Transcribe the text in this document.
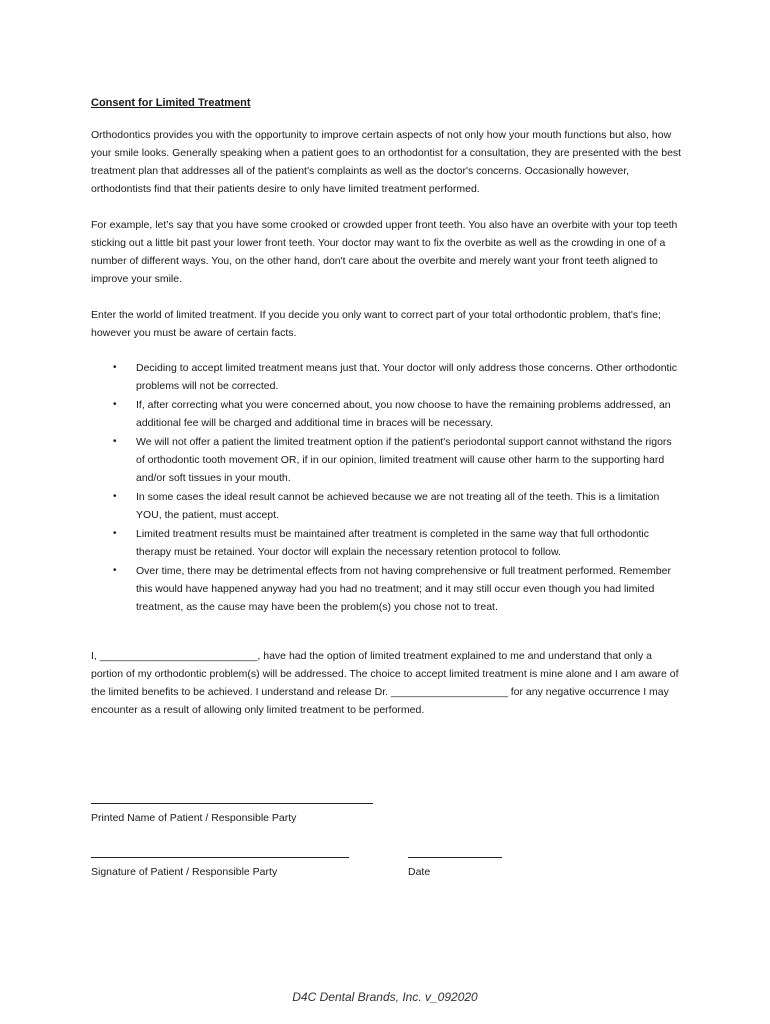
Consent for Limited Treatment

Orthodontics provides you with the opportunity to improve certain aspects of not only how your mouth functions but also, how your smile looks. Generally speaking when a patient goes to an orthodontist for a consultation, they are presented with the best treatment plan that addresses all of the patient's complaints as well as the doctor's concerns. Occasionally however, orthodontists find that their patients desire to only have limited treatment performed.

For example, let’s say that you have some crooked or crowded upper front teeth. You also have an overbite with your top teeth sticking out a little bit past your lower front teeth. Your doctor may want to fix the overbite as well as the crowding in one of a number of different ways. You, on the other hand, don't care about the overbite and merely want your front teeth aligned to improve your smile.

Enter the world of limited treatment. If you decide you only want to correct part of your total orthodontic problem, that's fine; however you must be aware of certain facts.

• Deciding to accept limited treatment means just that. Your doctor will only address those concerns. Other orthodontic problems will not be corrected.
• If, after correcting what you were concerned about, you now choose to have the remaining problems addressed, an additional fee will be charged and additional time in braces will be necessary.
• We will not offer a patient the limited treatment option if the patient's periodontal support cannot withstand the rigors of orthodontic tooth movement OR, if in our opinion, limited treatment will cause other harm to the supporting hard and/or soft tissues in your mouth.
• In some cases the ideal result cannot be achieved because we are not treating all of the teeth. This is a limitation YOU, the patient, must accept.
• Limited treatment results must be maintained after treatment is completed in the same way that full orthodontic therapy must be retained. Your doctor will explain the necessary retention protocol to follow.
• Over time, there may be detrimental effects from not having comprehensive or full treatment performed. Remember this would have happened anyway had you had no treatment; and it may still occur even though you had limited treatment, as the cause may have been the problem(s) you chose not to treat.

I, ___________________________, have had the option of limited treatment explained to me and understand that only a portion of my orthodontic problem(s) will be addressed. The choice to accept limited treatment is mine alone and I am aware of the limited benefits to be achieved. I understand and release Dr. ____________________ for any negative occurrence I may encounter as a result of allowing only limited treatment to be performed.

Printed Name of Patient / Responsible Party
Signature of Patient / Responsible Party	Date
D4C Dental Brands, Inc. v_092020
